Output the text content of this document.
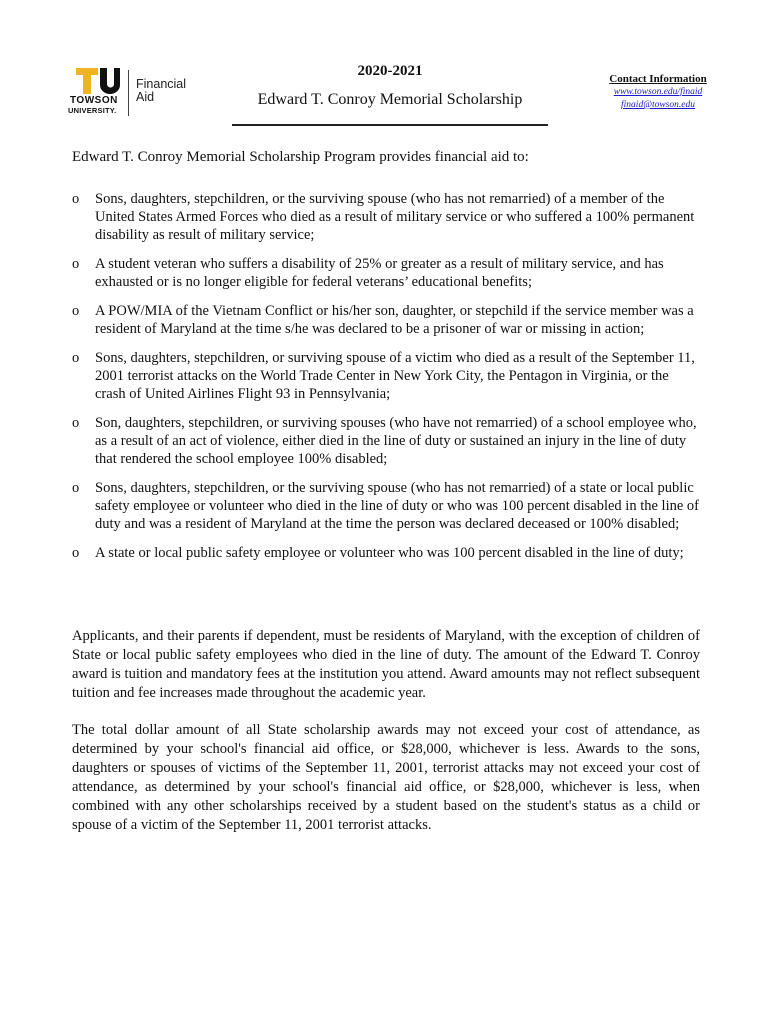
TOWSON
UNIVERSITY.
Financial
Aid
2020-2021
Edward T. Conroy Memorial Scholarship
Contact Information
www.towson.edu/finaid
finaid@towson.edu
Edward T. Conroy Memorial Scholarship Program provides financial aid to:
o	Sons, daughters, stepchildren, or the surviving spouse (who has not remarried) of a member of the United States Armed Forces who died as a result of military service or who suffered a 100% permanent disability as result of military service;
o	A student veteran who suffers a disability of 25% or greater as a result of military service, and has exhausted or is no longer eligible for federal veterans’ educational benefits;
o	A POW/MIA of the Vietnam Conflict or his/her son, daughter, or stepchild if the service member was a resident of Maryland at the time s/he was declared to be a prisoner of war or missing in action;
o	Sons, daughters, stepchildren, or surviving spouse of a victim who died as a result of the September 11, 2001 terrorist attacks on the World Trade Center in New York City, the Pentagon in Virginia, or the crash of United Airlines Flight 93 in Pennsylvania;
o	Son, daughters, stepchildren, or surviving spouses (who have not remarried) of a school employee who, as a result of an act of violence, either died in the line of duty or sustained an injury in the line of duty that rendered the school employee 100% disabled;
o	Sons, daughters, stepchildren, or the surviving spouse (who has not remarried) of a state or local public safety employee or volunteer who died in the line of duty or who was 100 percent disabled in the line of duty and was a resident of Maryland at the time the person was declared deceased or 100% disabled;
o	A state or local public safety employee or volunteer who was 100 percent disabled in the line of duty;

Applicants, and their parents if dependent, must be residents of Maryland, with the exception of children of State or local public safety employees who died in the line of duty. The amount of the Edward T. Conroy award is tuition and mandatory fees at the institution you attend. Award amounts may not reflect subsequent tuition and fee increases made throughout the academic year.

The total dollar amount of all State scholarship awards may not exceed your cost of attendance, as determined by your school's financial aid office, or $28,000, whichever is less. Awards to the sons, daughters or spouses of victims of the September 11, 2001, terrorist attacks may not exceed your cost of attendance, as determined by your school's financial aid office, or $28,000, whichever is less, when combined with any other scholarships received by a student based on the student's status as a child or spouse of a victim of the September 11, 2001 terrorist attacks.
